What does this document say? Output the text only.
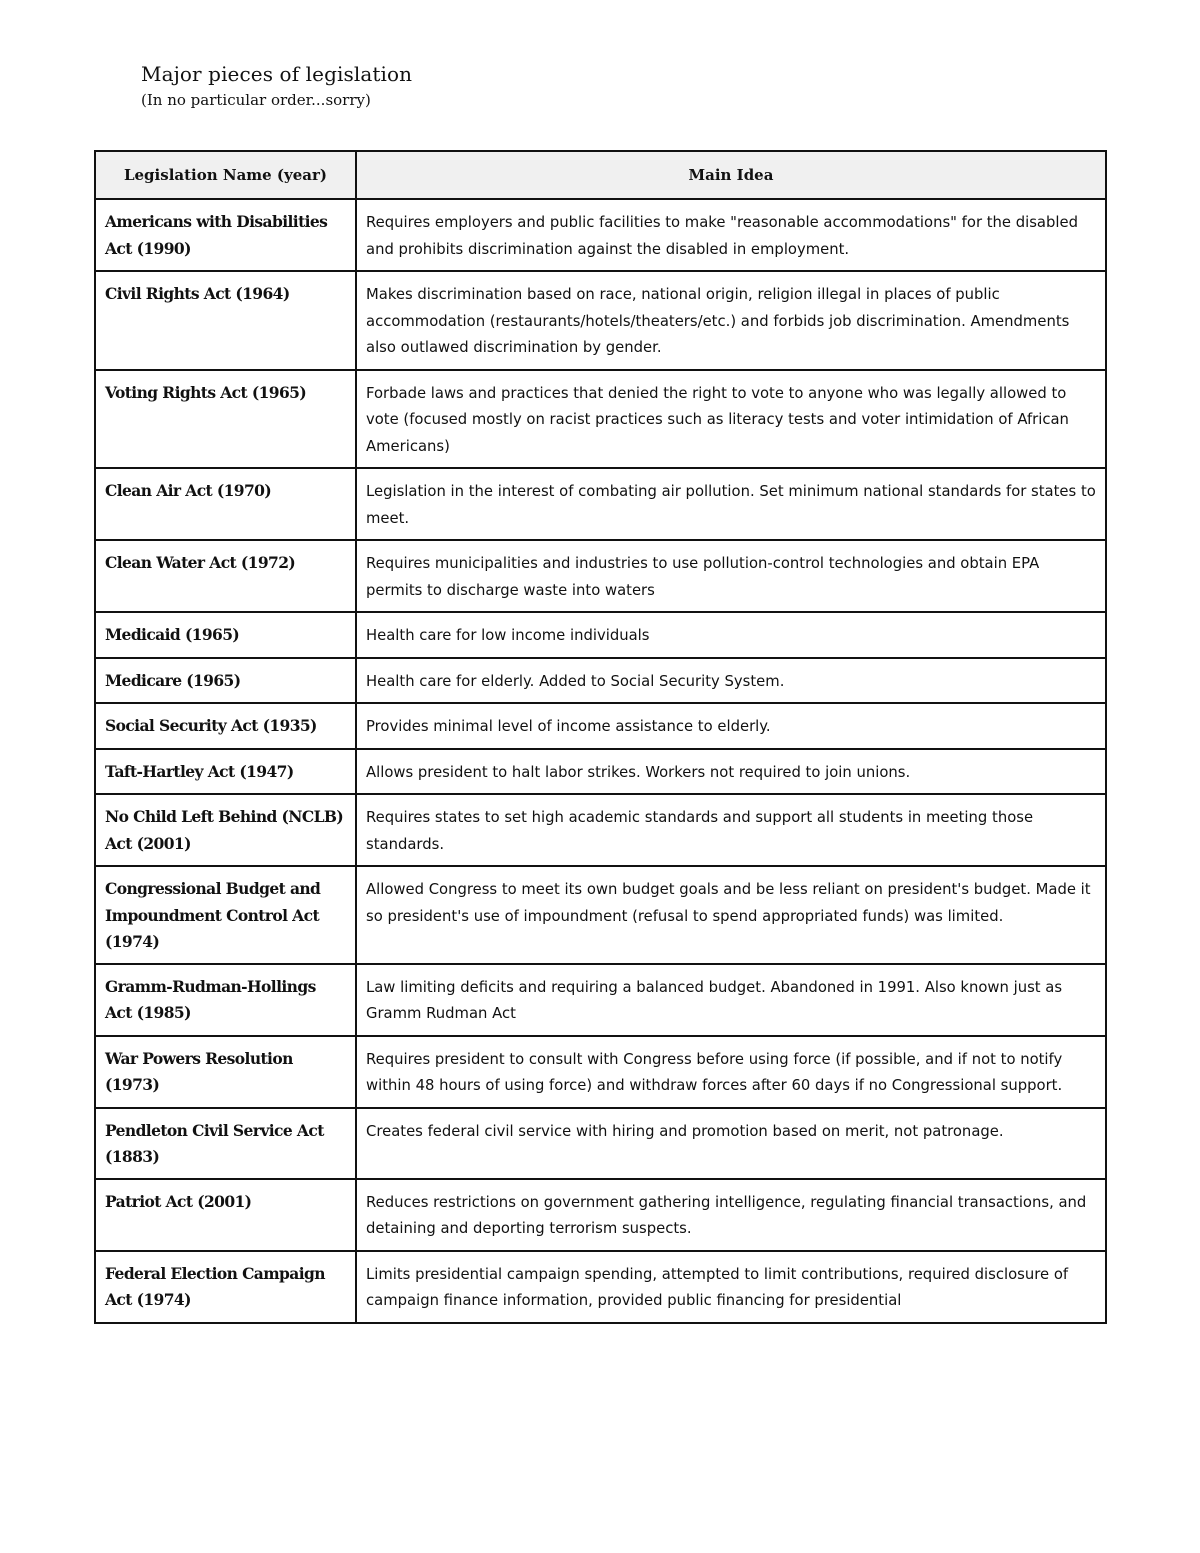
Major pieces of legislation

(In no particular order...sorry)

Legislation Name (year)	Main Idea
Americans with Disabilities Act (1990)	Requires employers and public facilities to make "reasonable accommodations" for the disabled and prohibits discrimination against the disabled in employment.
Civil Rights Act (1964)	Makes discrimination based on race, national origin, religion illegal in places of public accommodation (restaurants/hotels/theaters/etc.) and forbids job discrimination. Amendments also outlawed discrimination by gender.
Voting Rights Act (1965)	Forbade laws and practices that denied the right to vote to anyone who was legally allowed to vote (focused mostly on racist practices such as literacy tests and voter intimidation of African Americans)
Clean Air Act (1970)	Legislation in the interest of combating air pollution. Set minimum national standards for states to meet.
Clean Water Act (1972)	Requires municipalities and industries to use pollution-control technologies and obtain EPA permits to discharge waste into waters
Medicaid (1965)	Health care for low income individuals
Medicare (1965)	Health care for elderly. Added to Social Security System.
Social Security Act (1935)	Provides minimal level of income assistance to elderly.
Taft-Hartley Act (1947)	Allows president to halt labor strikes. Workers not required to join unions.
No Child Left Behind (NCLB) Act (2001)	Requires states to set high academic standards and support all students in meeting those standards.
Congressional Budget and Impoundment Control Act (1974)	Allowed Congress to meet its own budget goals and be less reliant on president's budget. Made it so president's use of impoundment (refusal to spend appropriated funds) was limited.
Gramm-Rudman-Hollings Act (1985)	Law limiting deficits and requiring a balanced budget. Abandoned in 1991. Also known just as Gramm Rudman Act
War Powers Resolution (1973)	Requires president to consult with Congress before using force (if possible, and if not to notify within 48 hours of using force) and withdraw forces after 60 days if no Congressional support.
Pendleton Civil Service Act (1883)	Creates federal civil service with hiring and promotion based on merit, not patronage.
Patriot Act (2001)	Reduces restrictions on government gathering intelligence, regulating financial transactions, and detaining and deporting terrorism suspects.
Federal Election Campaign Act (1974)	Limits presidential campaign spending, attempted to limit contributions, required disclosure of campaign finance information, provided public financing for presidential
